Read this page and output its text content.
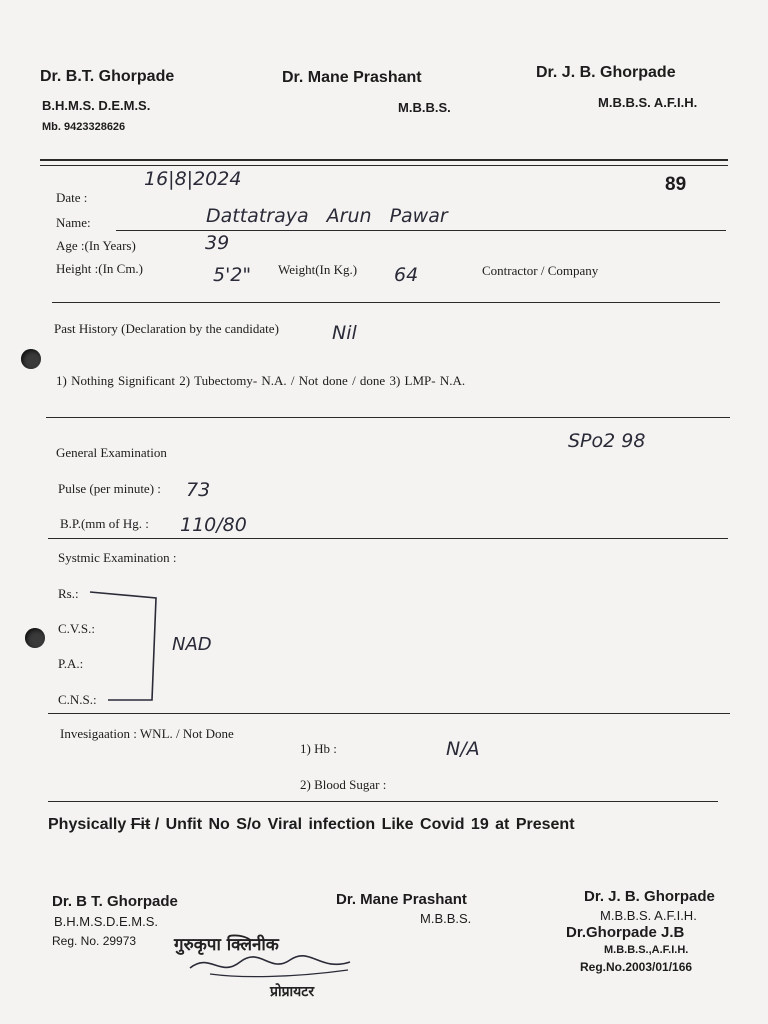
Dr. B.T. Ghorpade
B.H.M.S. D.E.M.S.
Mb. 9423328626
Dr. Mane Prashant
M.B.B.S.
Dr. J. B. Ghorpade
M.B.B.S. A.F.I.H.
89
Date :
16|8|2024
Name:	Dattatraya Arun Pawar
Age :(In Years)	39
Height :(In Cm.)	5'2" Weight(In Kg.) 64	Contractor / Company
Past History (Declaration by the candidate)	Nil
1) Nothing Significant 2) Tubectomy- N.A. / Not done / done 3) LMP- N.A.
General Examination
SPo2 98
Pulse (per minute) : 73
B.P.(mm of Hg. : 110/80
Systmic Examination :
Rs.:
C.V.S.:
P.A.:
C.N.S.:
NAD
Invesigaation : WNL. / Not Done
1) Hb :	N/A
2) Blood Sugar :
Physically Fit / Unfit No S/o Viral infection Like Covid 19 at Present
Dr. B T. Ghorpade
B.H.M.S.D.E.M.S.
Reg. No. 29973
Dr. Mane Prashant
M.B.B.S.
Dr. J. B. Ghorpade
M.B.B.S. A.F.I.H.
Dr.Ghorpade J.B
M.B.B.S.,A.F.I.H.
Reg.No.2003/01/166
गुरुकृपा क्लिनीक
प्रोप्रायटर
